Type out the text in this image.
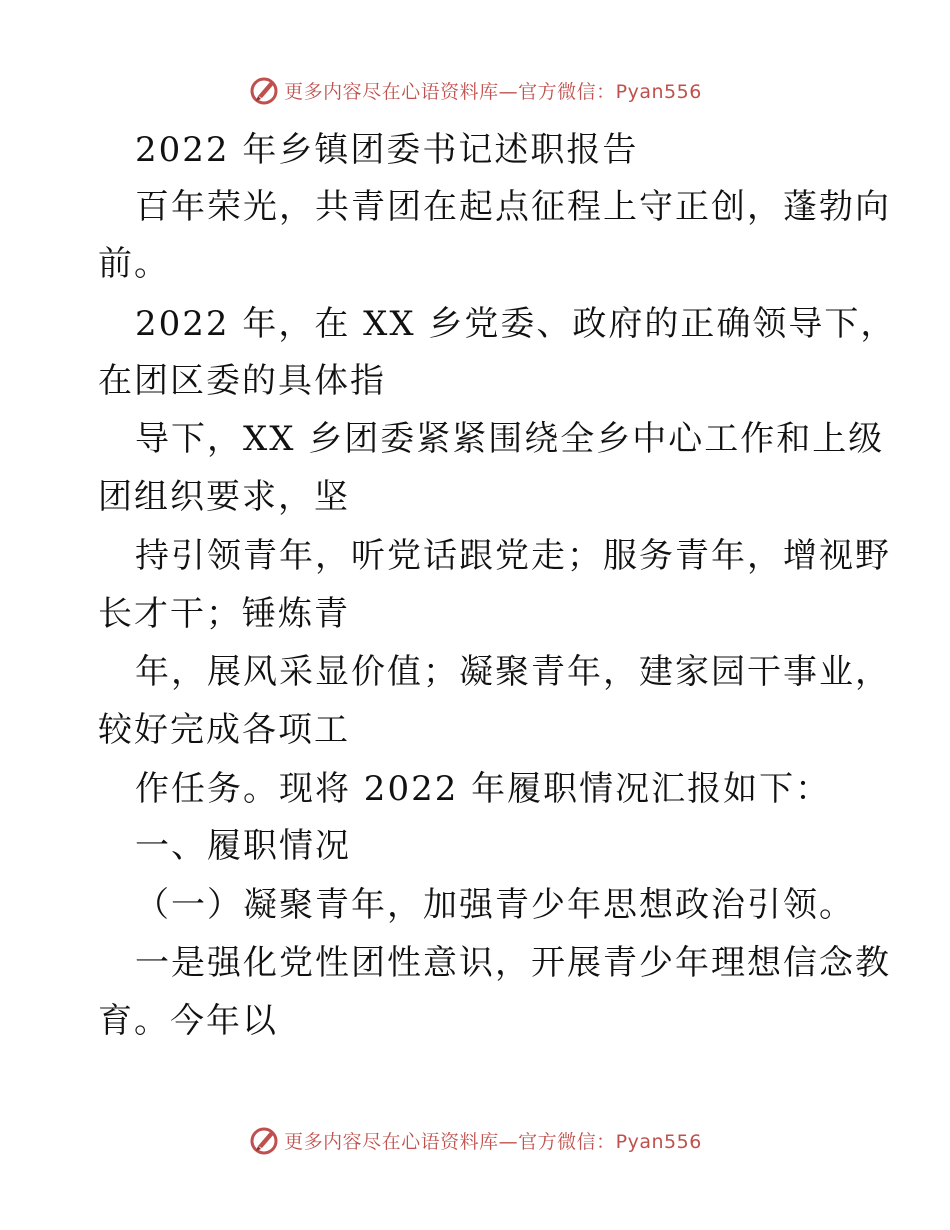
更多内容尽在心语资料库—官方微信：Pyan556
2022 年乡镇团委书记述职报告
百年荣光，共青团在起点征程上守正创，蓬勃向
前。
2022 年，在 XX 乡党委、政府的正确领导下，
在团区委的具体指
导下，XX 乡团委紧紧围绕全乡中心工作和上级
团组织要求，坚
持引领青年，听党话跟党走；服务青年，增视野
长才干；锤炼青
年，展风采显价值；凝聚青年，建家园干事业，
较好完成各项工
作任务。现将 2022 年履职情况汇报如下：
一、履职情况
（一）凝聚青年，加强青少年思想政治引领。
一是强化党性团性意识，开展青少年理想信念教
育。今年以
更多内容尽在心语资料库—官方微信：Pyan556
